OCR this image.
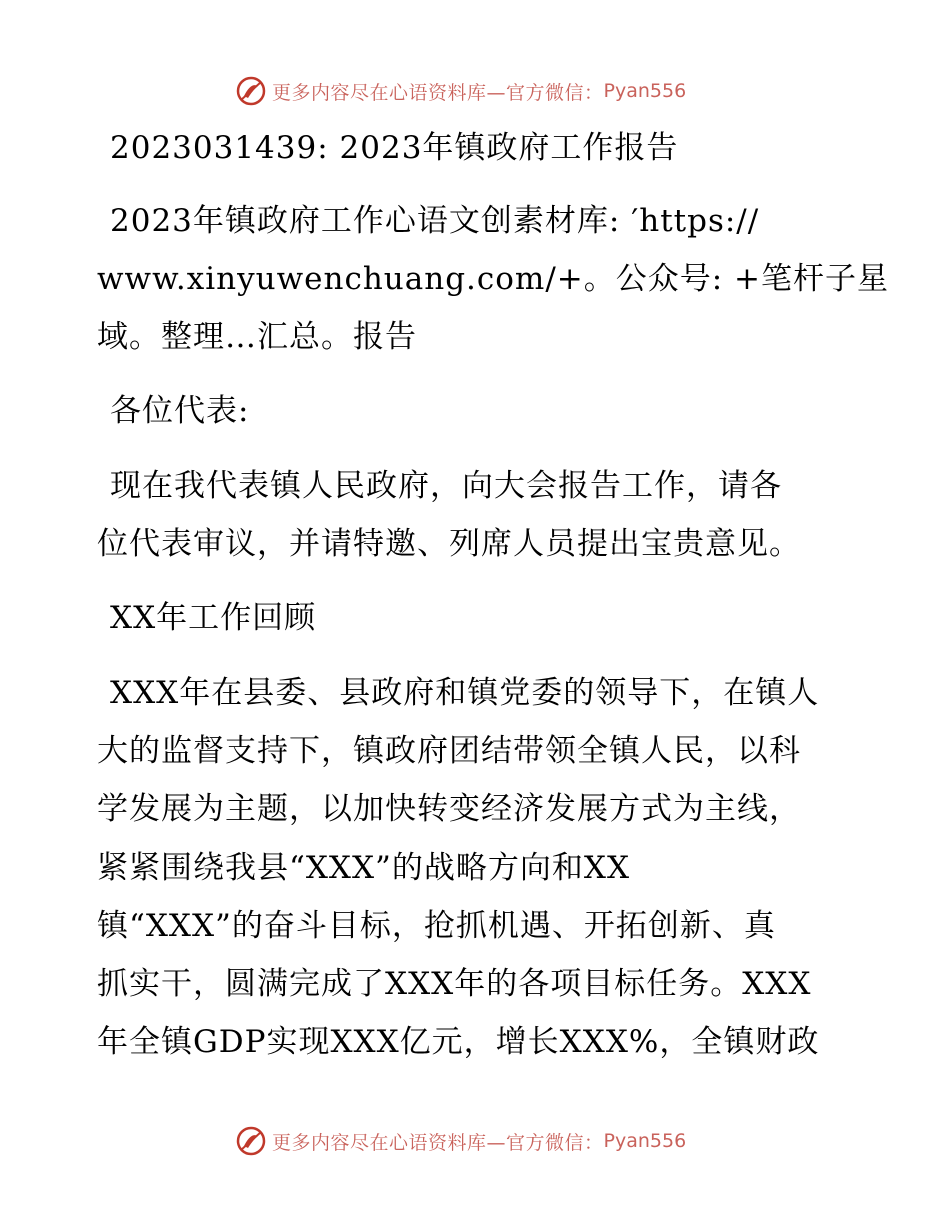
更多内容尽在心语资料库—官方微信： Pyan556
2023031439: 2023年镇政府工作报告
2023年镇政府工作心语文创素材库: ′https://
www.xinyuwenchuang.com/+。公众号: +笔杆子星
域。整理…汇总。报告
各位代表:
现在我代表镇人民政府，向大会报告工作，请各
位代表审议，并请特邀、列席人员提出宝贵意见。
XX年工作回顾
XXX年在县委、县政府和镇党委的领导下，在镇人
大的监督支持下，镇政府团结带领全镇人民，以科
学发展为主题，以加快转变经济发展方式为主线，
紧紧围绕我县“XXX”的战略方向和XX
镇“XXX”的奋斗目标，抢抓机遇、开拓创新、真
抓实干，圆满完成了XXX年的各项目标任务。XXX
年全镇GDP实现XXX亿元，增长XXX%，全镇财政
更多内容尽在心语资料库—官方微信： Pyan556
